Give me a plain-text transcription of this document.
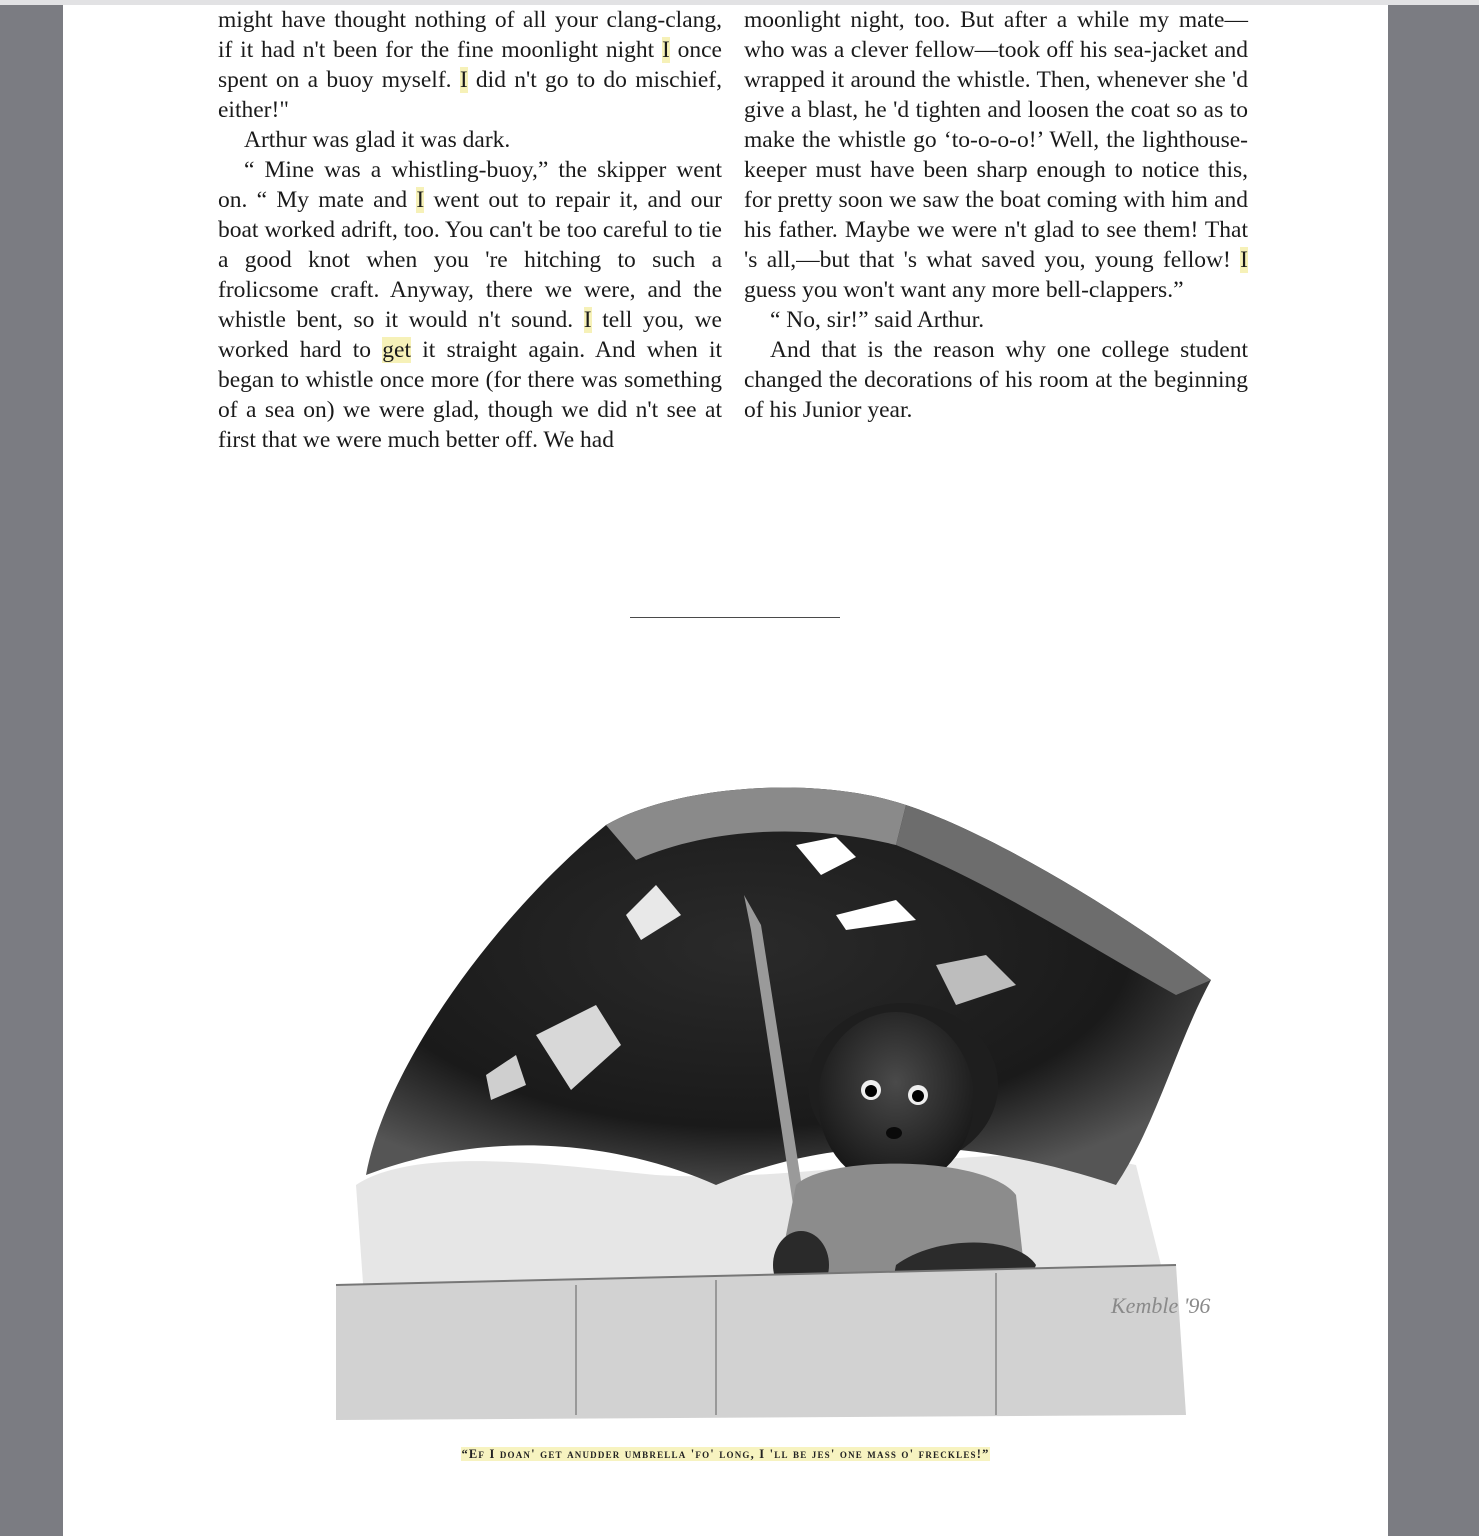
might have thought nothing of all your clang-clang, if it had n't been for the fine moonlight night I once spent on a buoy myself. I did n't go to do mischief, either!"

Arthur was glad it was dark.

“ Mine was a whistling-buoy,” the skipper went on. “ My mate and I went out to repair it, and our boat worked adrift, too. You can't be too careful to tie a good knot when you 're hitching to such a frolicsome craft. Anyway, there we were, and the whistle bent, so it would n't sound. I tell you, we worked hard to get it straight again. And when it began to whistle once more (for there was something of a sea on) we were glad, though we did n't see at first that we were much better off. We had

moonlight night, too. But after a while my mate—who was a clever fellow—took off his sea-jacket and wrapped it around the whistle. Then, whenever she 'd give a blast, he 'd tighten and loosen the coat so as to make the whistle go ‘to-o-o-o!’ Well, the lighthouse-keeper must have been sharp enough to notice this, for pretty soon we saw the boat coming with him and his father. Maybe we were n't glad to see them! That 's all,—but that 's what saved you, young fellow! I guess you won't want any more bell-clappers.”

“ No, sir!” said Arthur.

And that is the reason why one college student changed the decorations of his room at the beginning of his Junior year.

Kemble '96
“Ef I doan' get anudder umbrella 'fo' long, I 'll be jes' one mass o' freckles!”
